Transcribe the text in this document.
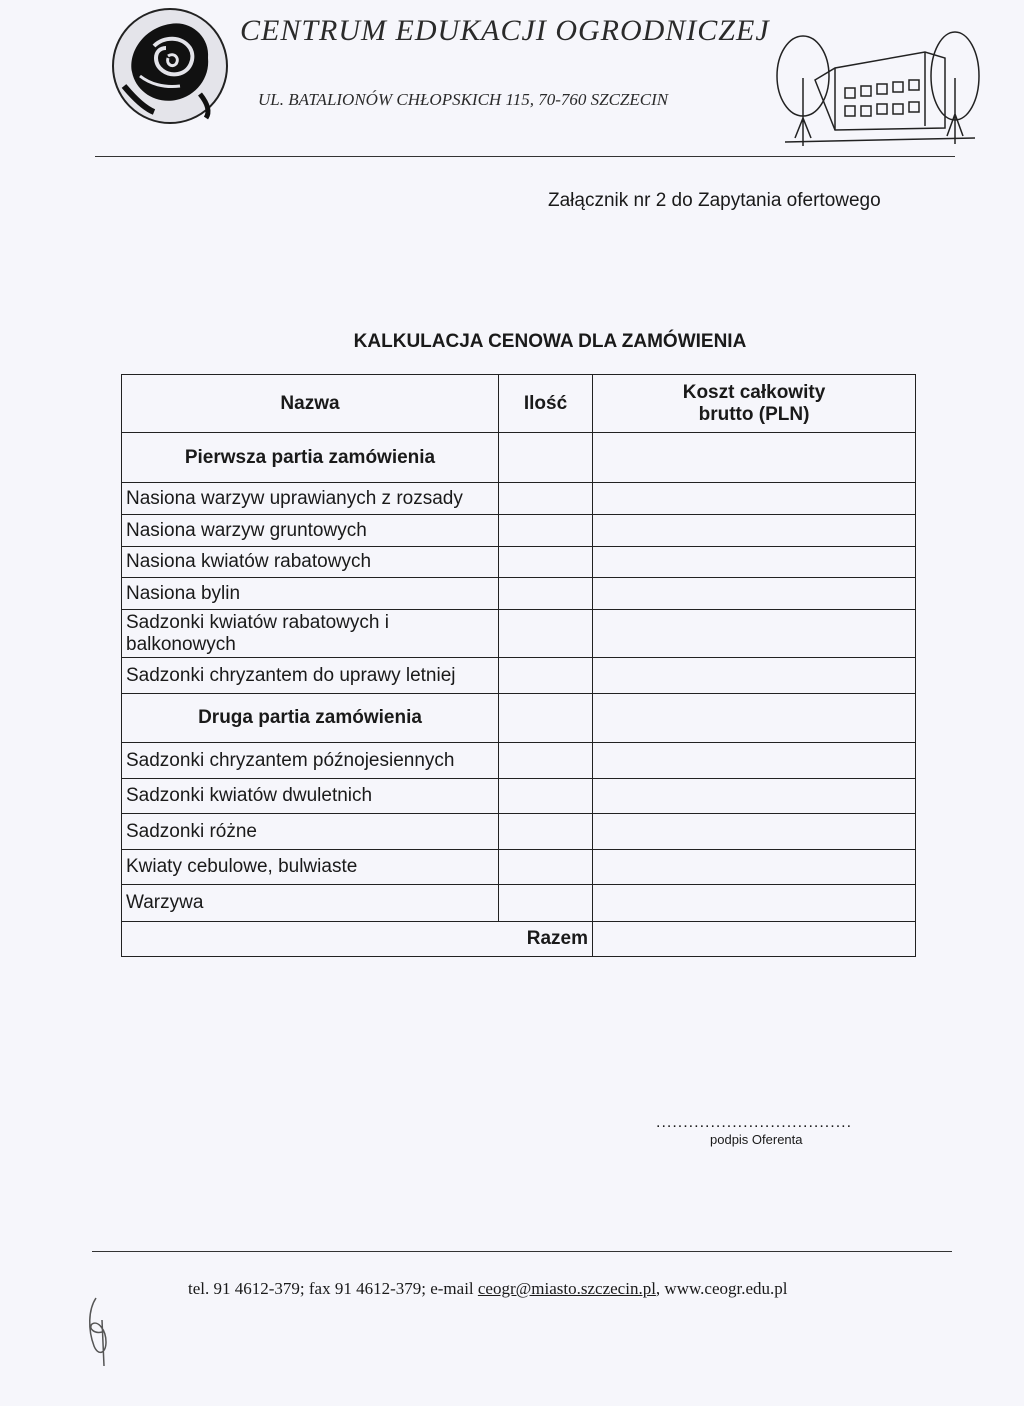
CENTRUM EDUKACJI OGRODNICZEJ
UL. BATALIONÓW CHŁOPSKICH 115, 70-760 SZCZECIN
Załącznik nr 2 do Zapytania ofertowego
KALKULACJA CENOWA DLA ZAMÓWIENIA
Nazwa	Ilość	Koszt całkowity
brutto (PLN)
Pierwsza partia zamówienia		
Nasiona warzyw uprawianych z rozsady		
Nasiona warzyw gruntowych		
Nasiona kwiatów rabatowych		
Nasiona bylin		
Sadzonki kwiatów rabatowych i balkonowych		
Sadzonki chryzantem do uprawy letniej		
Druga partia zamówienia		
Sadzonki chryzantem późnojesiennych		
Sadzonki kwiatów dwuletnich		
Sadzonki różne		
Kwiaty cebulowe, bulwiaste		
Warzywa		
Razem		
....................................
podpis Oferenta
tel. 91 4612-379; fax 91 4612-379; e-mail ceogr@miasto.szczecin.pl, www.ceogr.edu.pl
